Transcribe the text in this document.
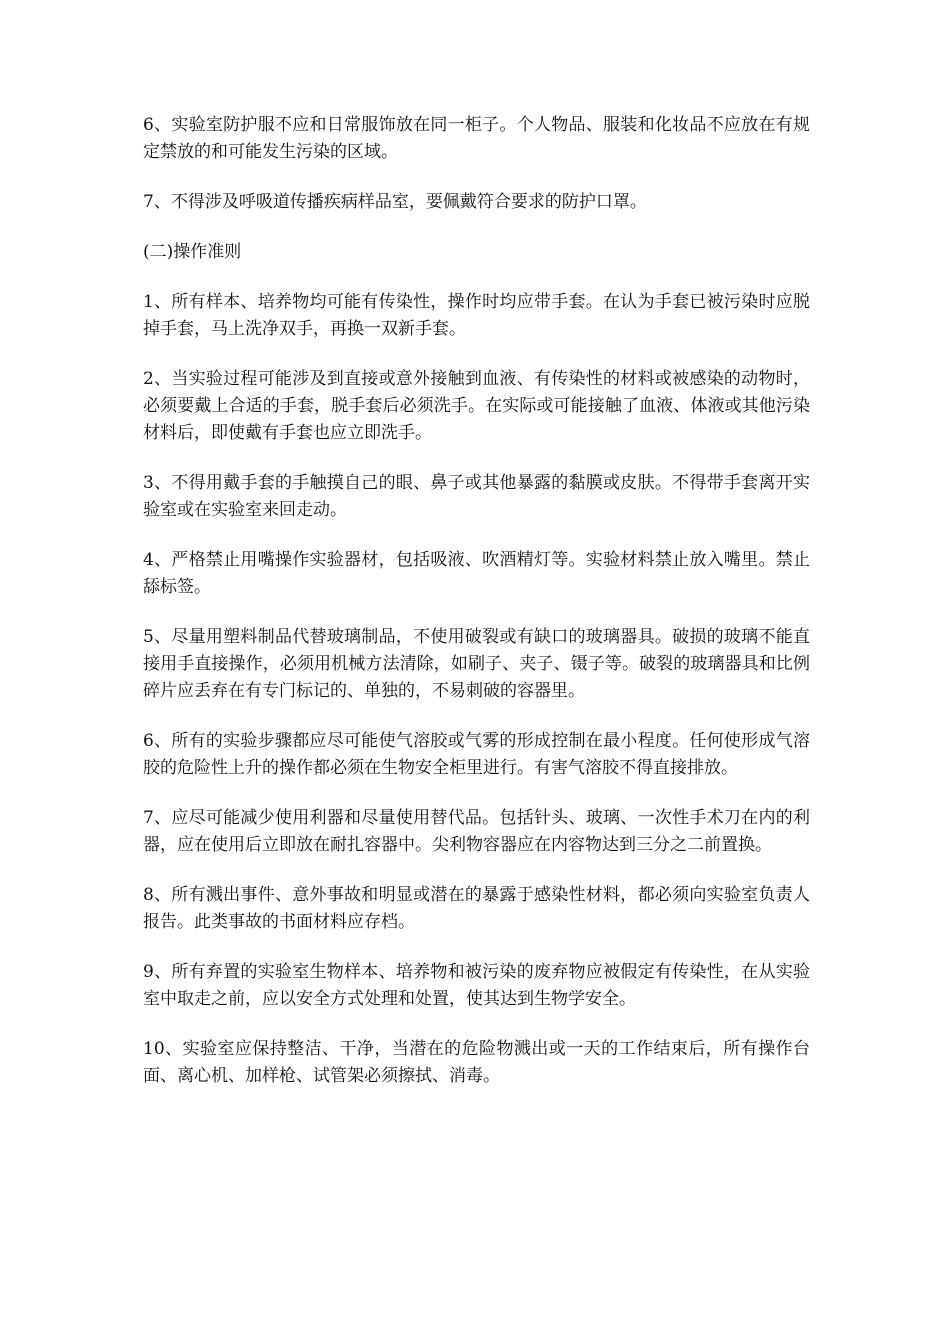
6、实验室防护服不应和日常服饰放在同一柜子。个人物品、服装和化妆品不应放在有规定禁放的和可能发生污染的区域。

7、不得涉及呼吸道传播疾病样品室，要佩戴符合要求的防护口罩。

(二)操作准则

1、所有样本、培养物均可能有传染性，操作时均应带手套。在认为手套已被污染时应脱掉手套，马上洗净双手，再换一双新手套。

2、当实验过程可能涉及到直接或意外接触到血液、有传染性的材料或被感染的动物时，必须要戴上合适的手套，脱手套后必须洗手。在实际或可能接触了血液、体液或其他污染材料后，即使戴有手套也应立即洗手。

3、不得用戴手套的手触摸自己的眼、鼻子或其他暴露的黏膜或皮肤。不得带手套离开实验室或在实验室来回走动。

4、严格禁止用嘴操作实验器材，包括吸液、吹酒精灯等。实验材料禁止放入嘴里。禁止舔标签。

5、尽量用塑料制品代替玻璃制品，不使用破裂或有缺口的玻璃器具。破损的玻璃不能直接用手直接操作，必须用机械方法清除，如刷子、夹子、镊子等。破裂的玻璃器具和比例碎片应丢弃在有专门标记的、单独的，不易刺破的容器里。

6、所有的实验步骤都应尽可能使气溶胶或气雾的形成控制在最小程度。任何使形成气溶胶的危险性上升的操作都必须在生物安全柜里进行。有害气溶胶不得直接排放。

7、应尽可能减少使用利器和尽量使用替代品。包括针头、玻璃、一次性手术刀在内的利器，应在使用后立即放在耐扎容器中。尖利物容器应在内容物达到三分之二前置换。

8、所有溅出事件、意外事故和明显或潜在的暴露于感染性材料，都必须向实验室负责人报告。此类事故的书面材料应存档。

9、所有弃置的实验室生物样本、培养物和被污染的废弃物应被假定有传染性，在从实验室中取走之前，应以安全方式处理和处置，使其达到生物学安全。

10、实验室应保持整洁、干净，当潜在的危险物溅出或一天的工作结束后，所有操作台面、离心机、加样枪、试管架必须擦拭、消毒。
